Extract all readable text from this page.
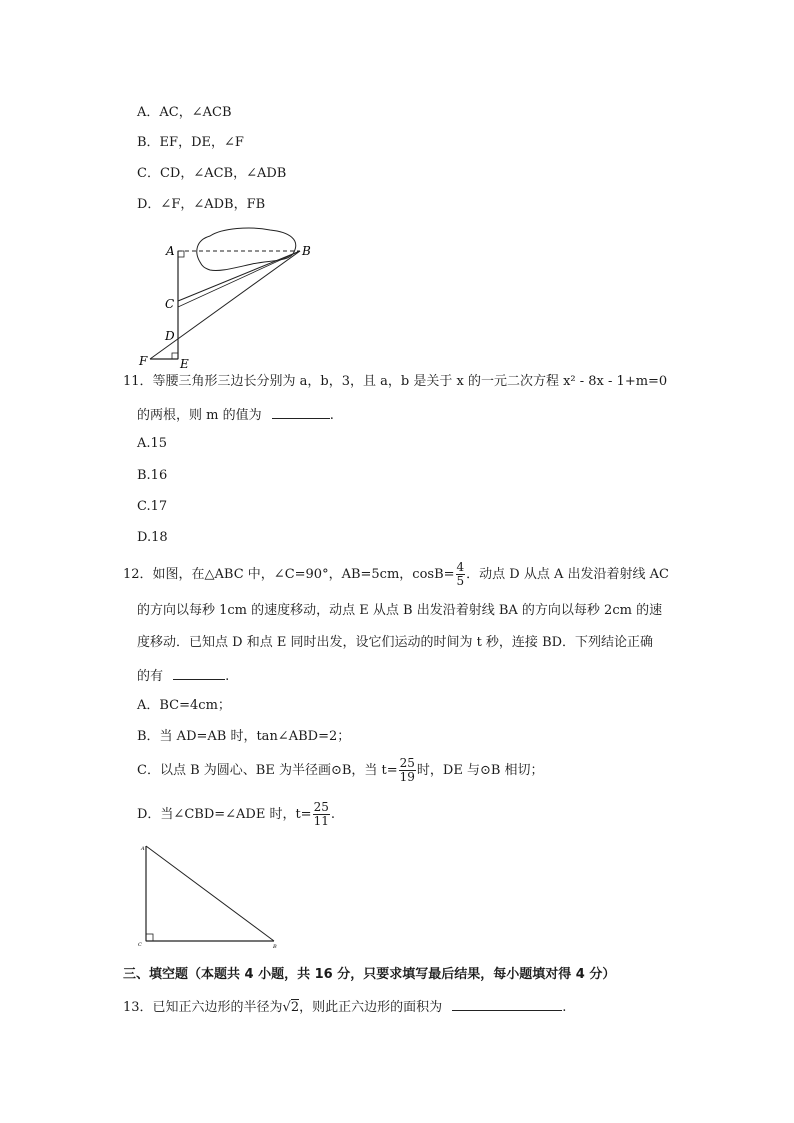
A．AC，∠ACB
B．EF，DE，∠F
C．CD，∠ACB，∠ADB
D．∠F，∠ADB，FB
A	B
C
D
F	E
11．等腰三角形三边长分别为 a，b，3，且 a，b 是关于 x 的一元二次方程 x² - 8x - 1+m=0
的两根，则 m 的值为	.
A.15
B.16
C.17
D.18
12．如图，在△ABC 中，∠C=90°，AB=5cm，$\cos B= \frac{4}{5}$ ．动点 D 从点 A 出发沿着射线 AC
的方向以每秒 1cm 的速度移动，动点 E 从点 B 出发沿着射线 BA 的方向以每秒 2cm 的速
度移动．已知点 D 和点 E 同时出发，设它们运动的时间为 t 秒，连接 BD．下列结论正确
的有	.
A．BC=4cm；
B．当 AD=AB 时，tan∠ABD=2；
C．以点 B 为圆心、BE 为半径画⊙B，当 $t= \frac{25}{19}$ 时，DE 与⊙B 相切；
D．当∠CBD=∠ADE 时，$t= \frac{25}{11}$ .
A
C	B
三、填空题（本题共 4 小题，共 16 分，只要求填写最后结果，每小题填对得 4 分）
13．已知正六边形的半径为√2，则此正六边形的面积为	.
